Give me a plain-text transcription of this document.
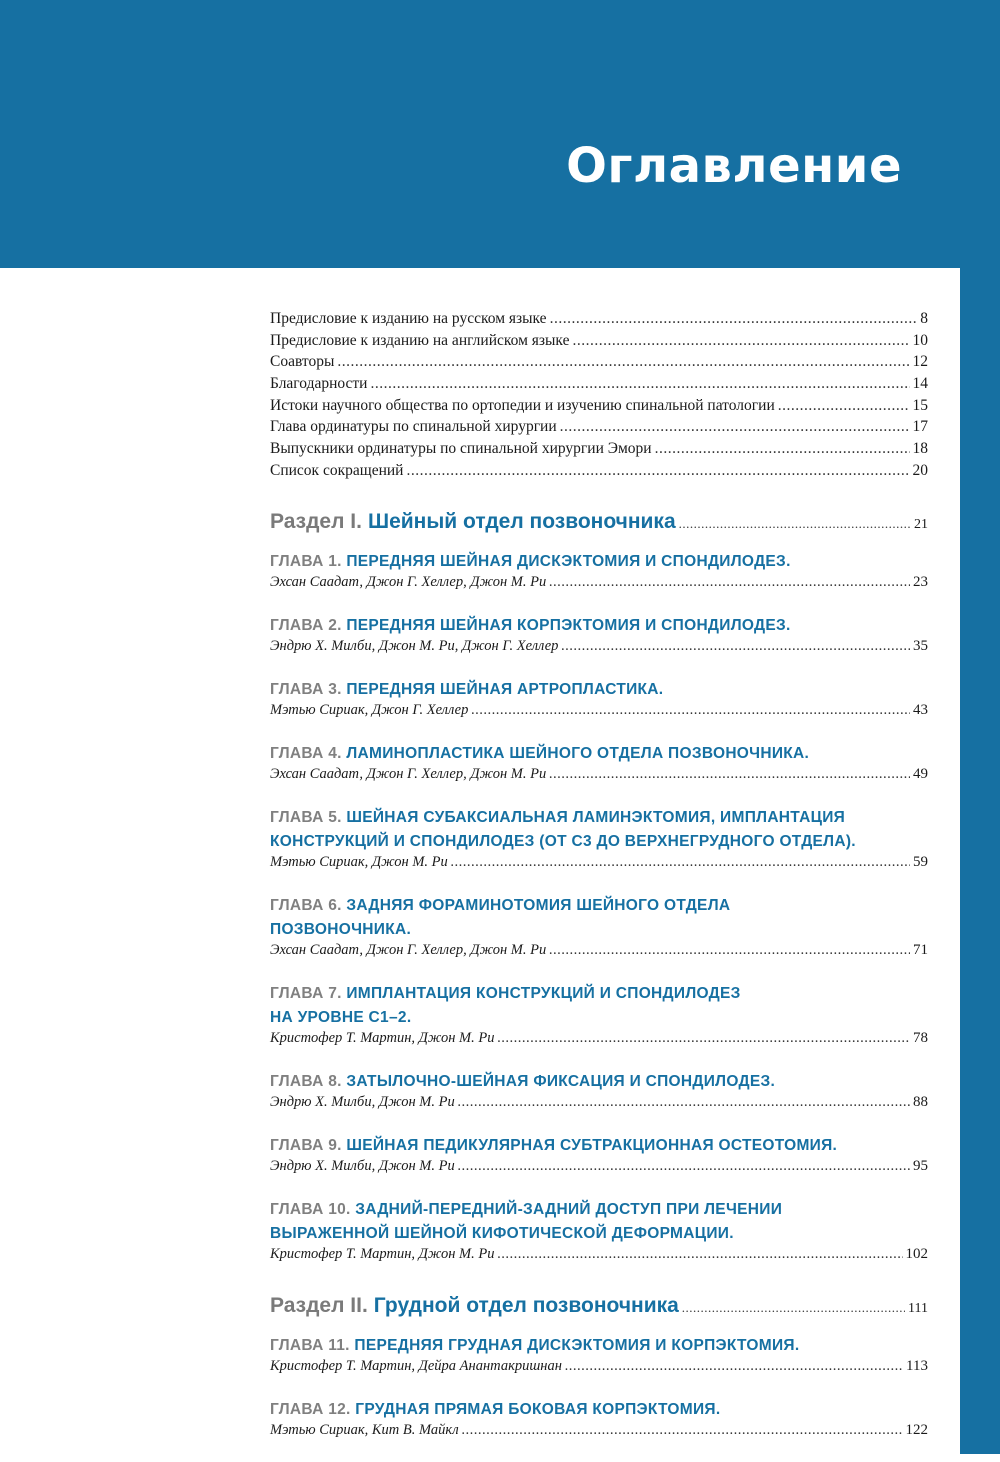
Оглавление
Предисловие к изданию на русском языке .....	8
Предисловие к изданию на английском языке .....	10
Соавторы .....	12
Благодарности .....	14
Истоки научного общества по ортопедии и изучению спинальной патологии .....	15
Глава ординатуры по спинальной хирургии .....	17
Выпускники ординатуры по спинальной хирургии Эмори .....	18
Список сокращений .....	20
Раздел I. Шейный отдел позвоночника .....	21
ГЛАВА 1. ПЕРЕДНЯЯ ШЕЙНАЯ ДИСКЭКТОМИЯ И СПОНДИЛОДЕЗ.
Эхсан Саадат, Джон Г. Хеллер, Джон М. Ри .....	23
ГЛАВА 2. ПЕРЕДНЯЯ ШЕЙНАЯ КОРПЭКТОМИЯ И СПОНДИЛОДЕЗ.
Эндрю Х. Милби, Джон М. Ри, Джон Г. Хеллер .....	35
ГЛАВА 3. ПЕРЕДНЯЯ ШЕЙНАЯ АРТРОПЛАСТИКА.
Мэтью Сириак, Джон Г. Хеллер .....	43
ГЛАВА 4. ЛАМИНОПЛАСТИКА ШЕЙНОГО ОТДЕЛА ПОЗВОНОЧНИКА.
Эхсан Саадат, Джон Г. Хеллер, Джон М. Ри .....	49
ГЛАВА 5. ШЕЙНАЯ СУБАКСИАЛЬНАЯ ЛАМИНЭКТОМИЯ, ИМПЛАНТАЦИЯ
КОНСТРУКЦИЙ И СПОНДИЛОДЕЗ (ОТ С3 ДО ВЕРХНЕГРУДНОГО ОТДЕЛА).
Мэтью Сириак, Джон М. Ри .....	59
ГЛАВА 6. ЗАДНЯЯ ФОРАМИНОТОМИЯ ШЕЙНОГО ОТДЕЛА
ПОЗВОНОЧНИКА.
Эхсан Саадат, Джон Г. Хеллер, Джон М. Ри .....	71
ГЛАВА 7. ИМПЛАНТАЦИЯ КОНСТРУКЦИЙ И СПОНДИЛОДЕЗ
НА УРОВНЕ С1–2.
Кристофер Т. Мартин, Джон М. Ри .....	78
ГЛАВА 8. ЗАТЫЛОЧНО-ШЕЙНАЯ ФИКСАЦИЯ И СПОНДИЛОДЕЗ.
Эндрю Х. Милби, Джон М. Ри .....	88
ГЛАВА 9. ШЕЙНАЯ ПЕДИКУЛЯРНАЯ СУБТРАКЦИОННАЯ ОСТЕОТОМИЯ.
Эндрю Х. Милби, Джон М. Ри .....	95
ГЛАВА 10. ЗАДНИЙ-ПЕРЕДНИЙ-ЗАДНИЙ ДОСТУП ПРИ ЛЕЧЕНИИ
ВЫРАЖЕННОЙ ШЕЙНОЙ КИФОТИЧЕСКОЙ ДЕФОРМАЦИИ.
Кристофер Т. Мартин, Джон М. Ри .....	102
Раздел II. Грудной отдел позвоночника .....	111
ГЛАВА 11. ПЕРЕДНЯЯ ГРУДНАЯ ДИСКЭКТОМИЯ И КОРПЭКТОМИЯ.
Кристофер Т. Мартин, Дейра Анантакришнан .....	113
ГЛАВА 12. ГРУДНАЯ ПРЯМАЯ БОКОВАЯ КОРПЭКТОМИЯ.
Мэтью Сириак, Кит В. Майкл .....	122
